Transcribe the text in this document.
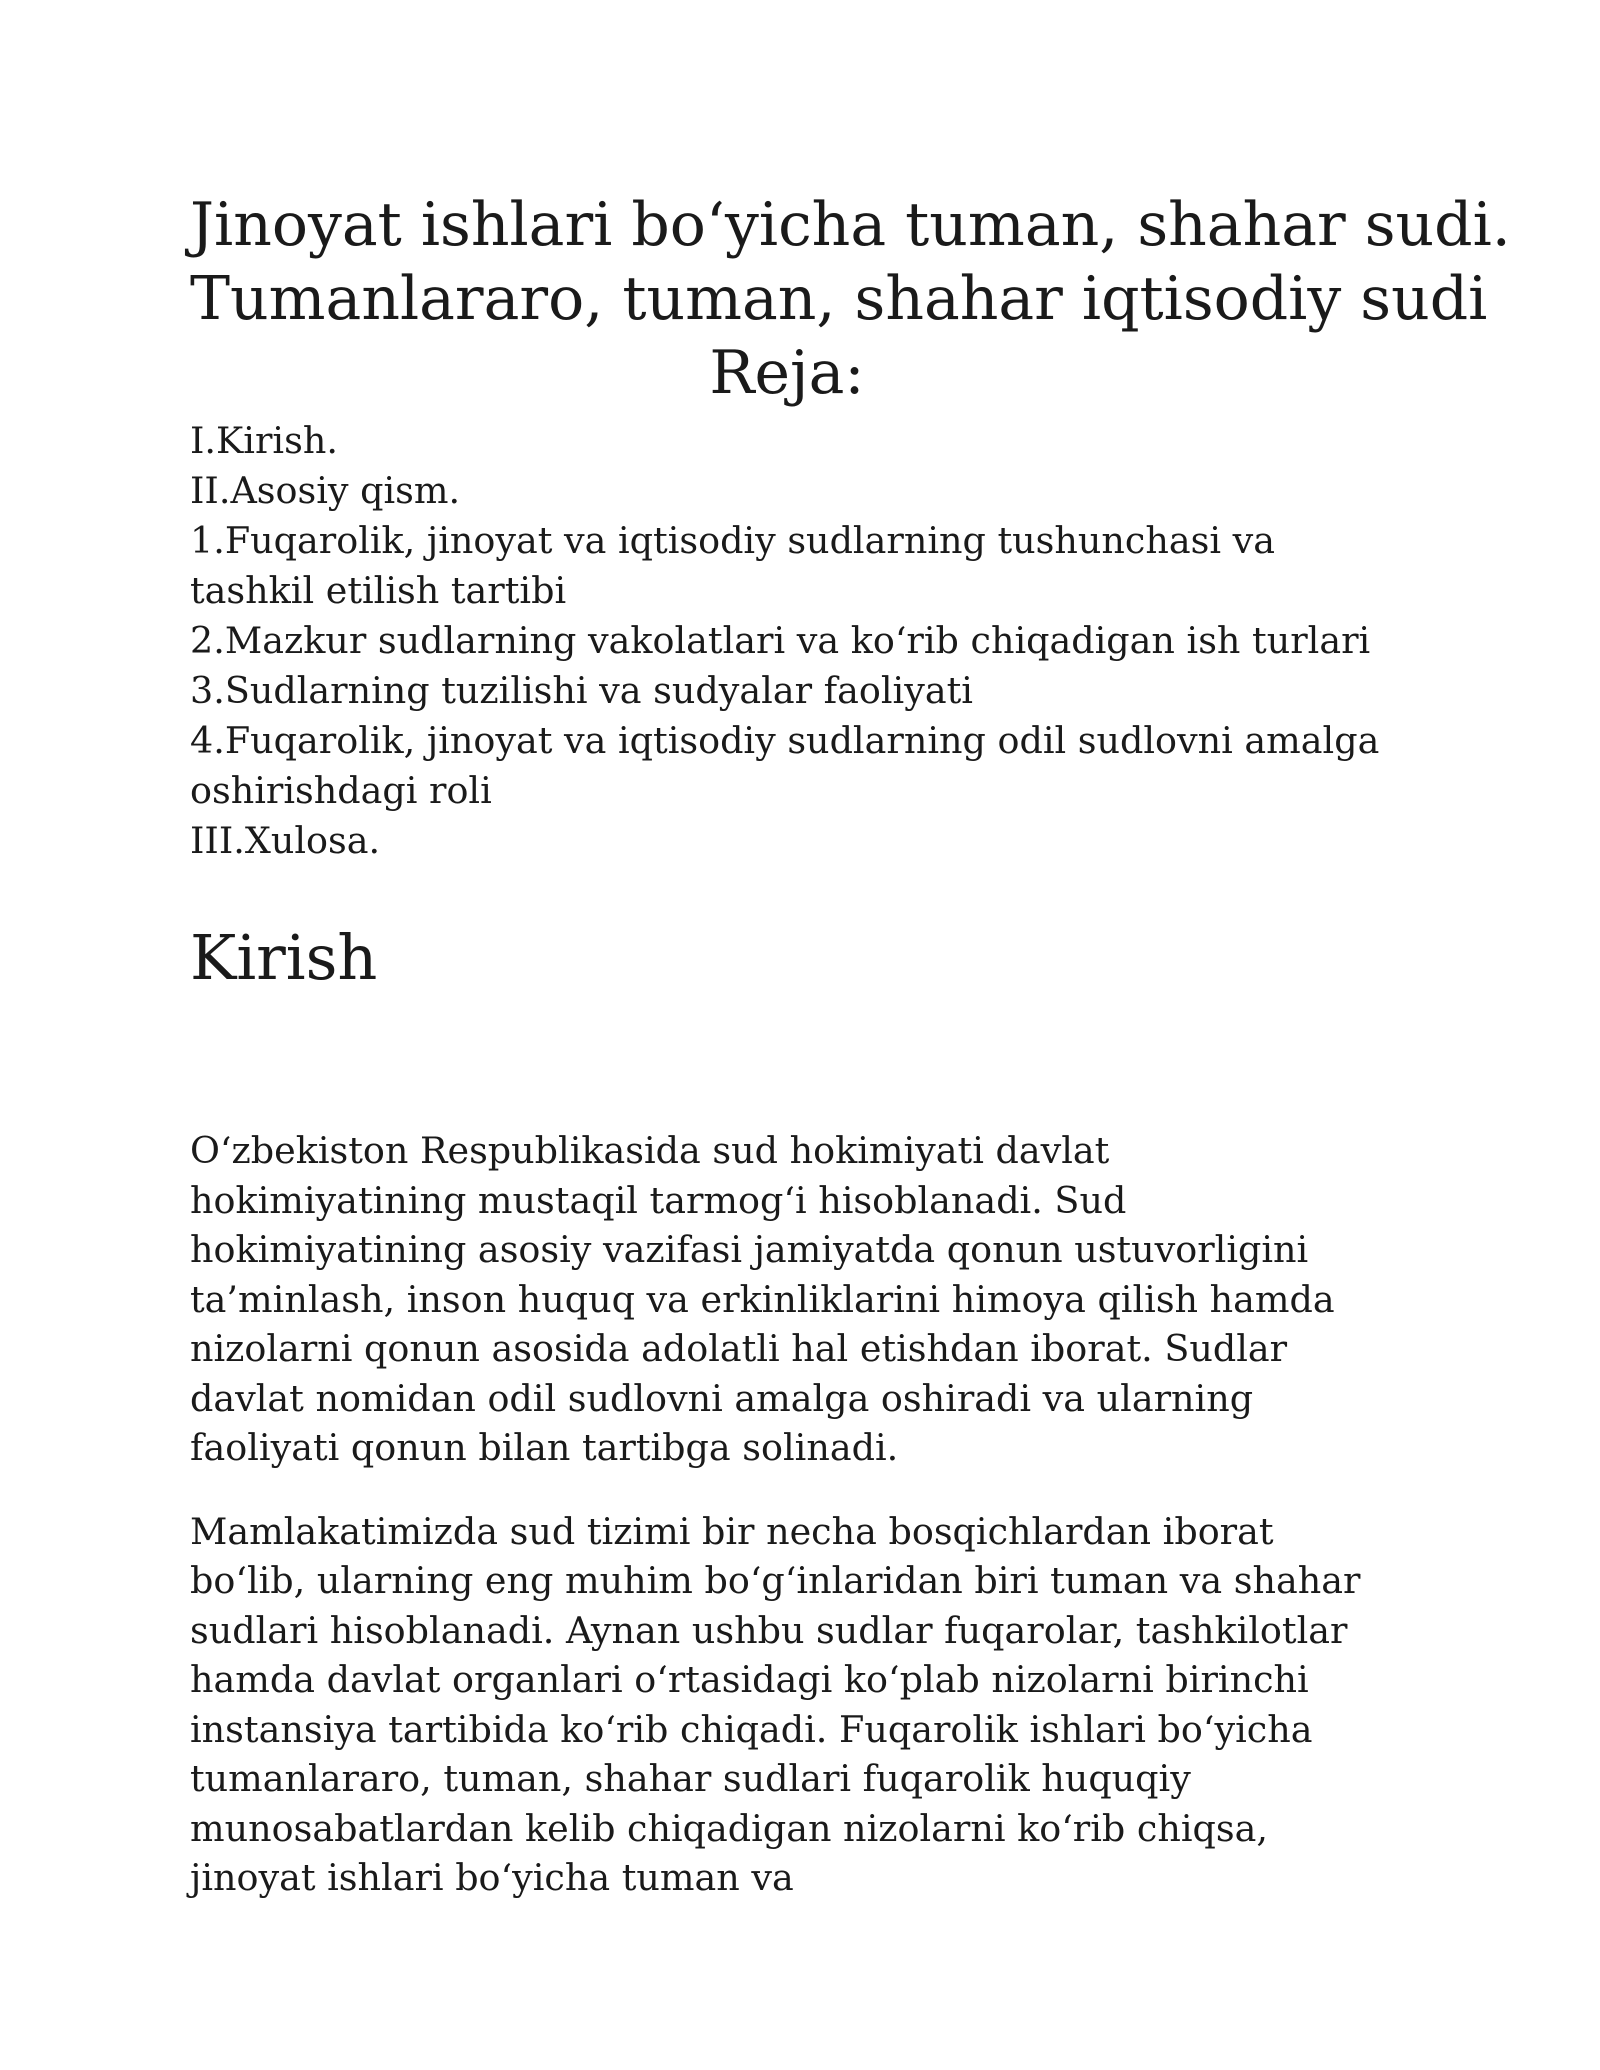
Jinoyat ishlari bo‘yicha tuman, shahar sudi.
Tumanlararo, tuman, shahar iqtisodiy sudi
Reja:
I.Kirish.
II.Asosiy qism.
1.Fuqarolik, jinoyat va iqtisodiy sudlarning tushunchasi va tashkil etilish tartibi
2.Mazkur sudlarning vakolatlari va ko‘rib chiqadigan ish turlari
3.Sudlarning tuzilishi va sudyalar faoliyati
4.Fuqarolik, jinoyat va iqtisodiy sudlarning odil sudlovni amalga oshirishdagi roli
III.Xulosa.
Kirish

O‘zbekiston Respublikasida sud hokimiyati davlat hokimiyatining mustaqil tarmog‘i hisoblanadi. Sud hokimiyatining asosiy vazifasi jamiyatda qonun ustuvorligini ta’minlash, inson huquq va erkinliklarini himoya qilish hamda nizolarni qonun asosida adolatli hal etishdan iborat. Sudlar davlat nomidan odil sudlovni amalga oshiradi va ularning faoliyati qonun bilan tartibga solinadi.

Mamlakatimizda sud tizimi bir necha bosqichlardan iborat bo‘lib, ularning eng muhim bo‘g‘inlaridan biri tuman va shahar sudlari hisoblanadi. Aynan ushbu sudlar fuqarolar, tashkilotlar hamda davlat organlari o‘rtasidagi ko‘plab nizolarni birinchi instansiya tartibida ko‘rib chiqadi. Fuqarolik ishlari bo‘yicha tumanlararo, tuman, shahar sudlari fuqarolik huquqiy munosabatlardan kelib chiqadigan nizolarni ko‘rib chiqsa, jinoyat ishlari bo‘yicha tuman va
